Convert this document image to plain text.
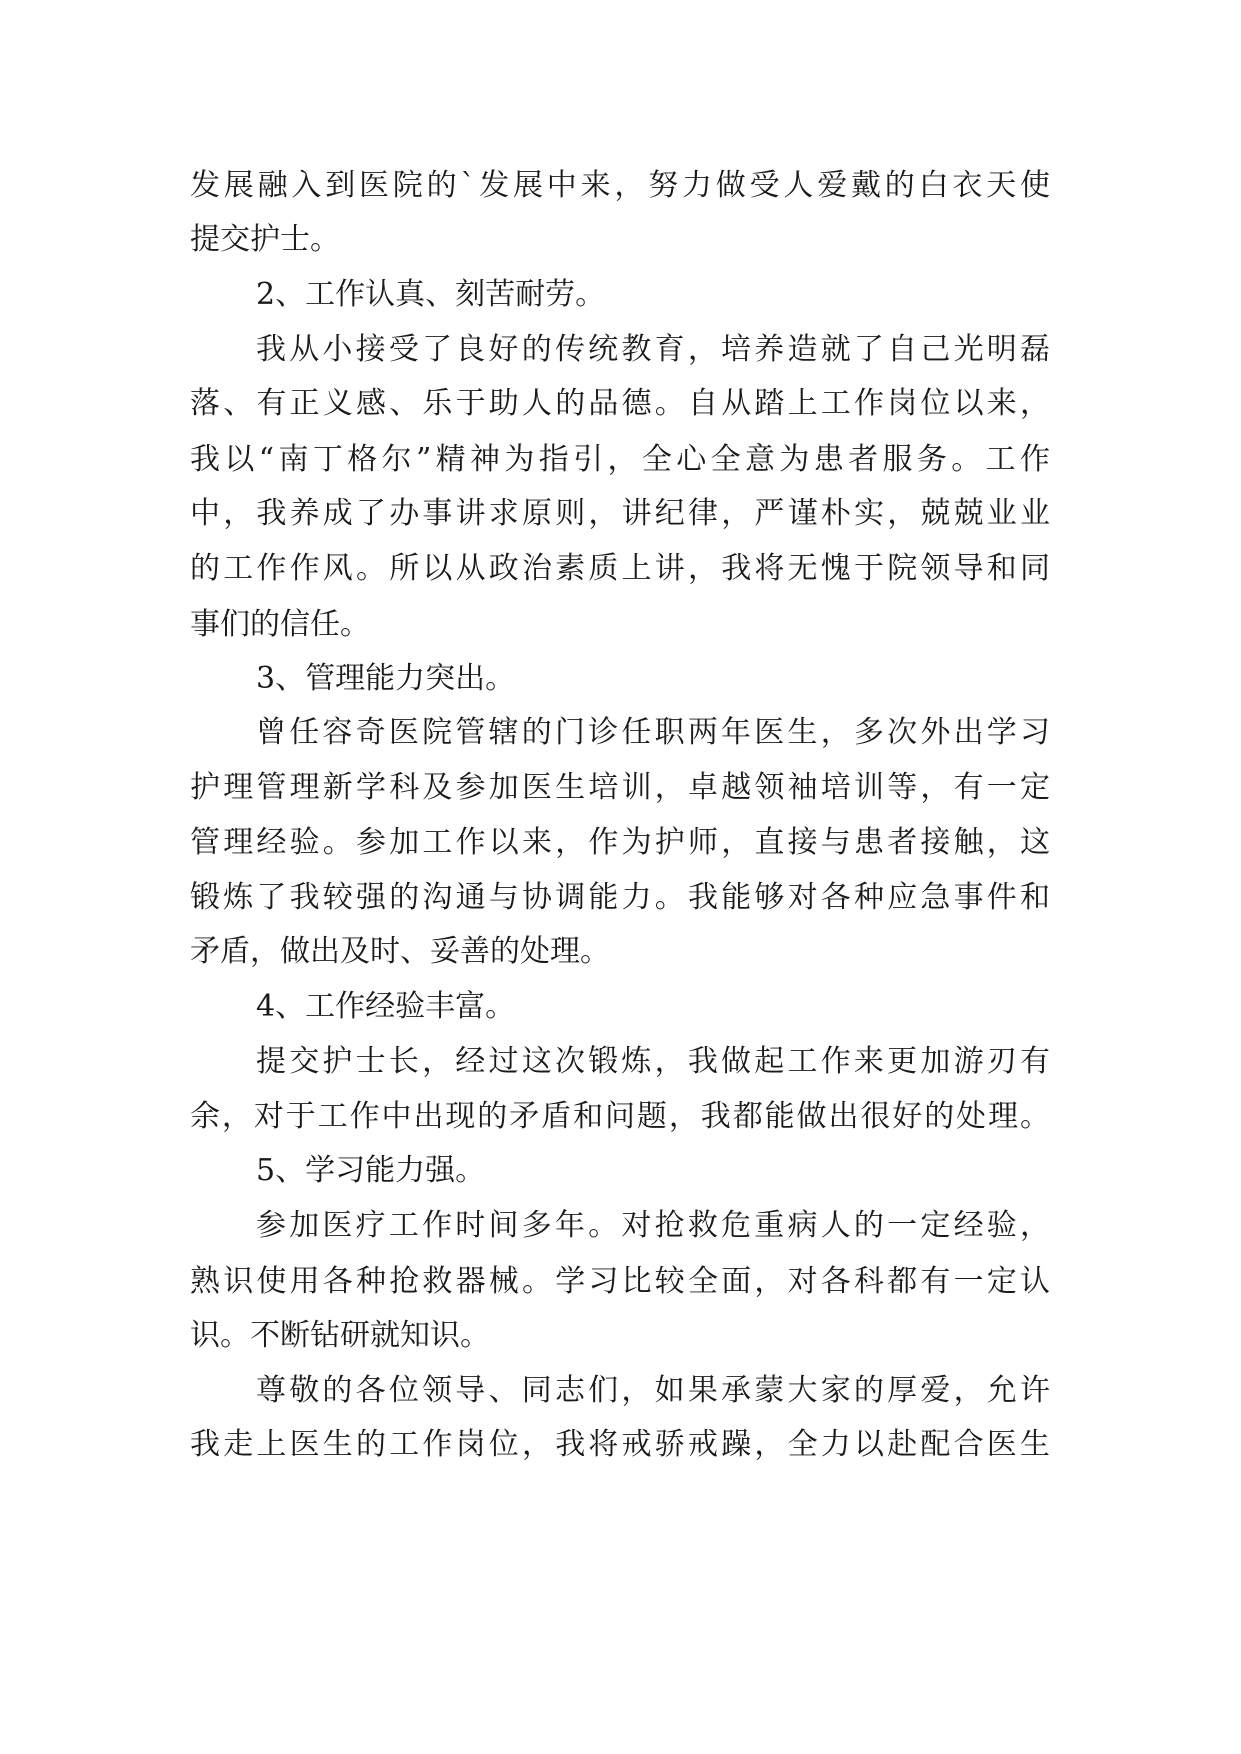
发展融入到医院的`发展中来，努力做受人爱戴的白衣天使
提交护士。
2、工作认真、刻苦耐劳。
我从小接受了良好的传统教育，培养造就了自己光明磊
落、有正义感、乐于助人的品德。自从踏上工作岗位以来，
我以“南丁格尔”精神为指引，全心全意为患者服务。工作
中，我养成了办事讲求原则，讲纪律，严谨朴实，兢兢业业
的工作作风。所以从政治素质上讲，我将无愧于院领导和同
事们的信任。
3、管理能力突出。
曾任容奇医院管辖的门诊任职两年医生，多次外出学习
护理管理新学科及参加医生培训，卓越领袖培训等，有一定
管理经验。参加工作以来，作为护师，直接与患者接触，这
锻炼了我较强的沟通与协调能力。我能够对各种应急事件和
矛盾，做出及时、妥善的处理。
4、工作经验丰富。
提交护士长，经过这次锻炼，我做起工作来更加游刃有
余，对于工作中出现的矛盾和问题，我都能做出很好的处理。
5、学习能力强。
参加医疗工作时间多年。对抢救危重病人的一定经验，
熟识使用各种抢救器械。学习比较全面，对各科都有一定认
识。不断钻研就知识。
尊敬的各位领导、同志们，如果承蒙大家的厚爱，允许
我走上医生的工作岗位，我将戒骄戒躁，全力以赴配合医生
